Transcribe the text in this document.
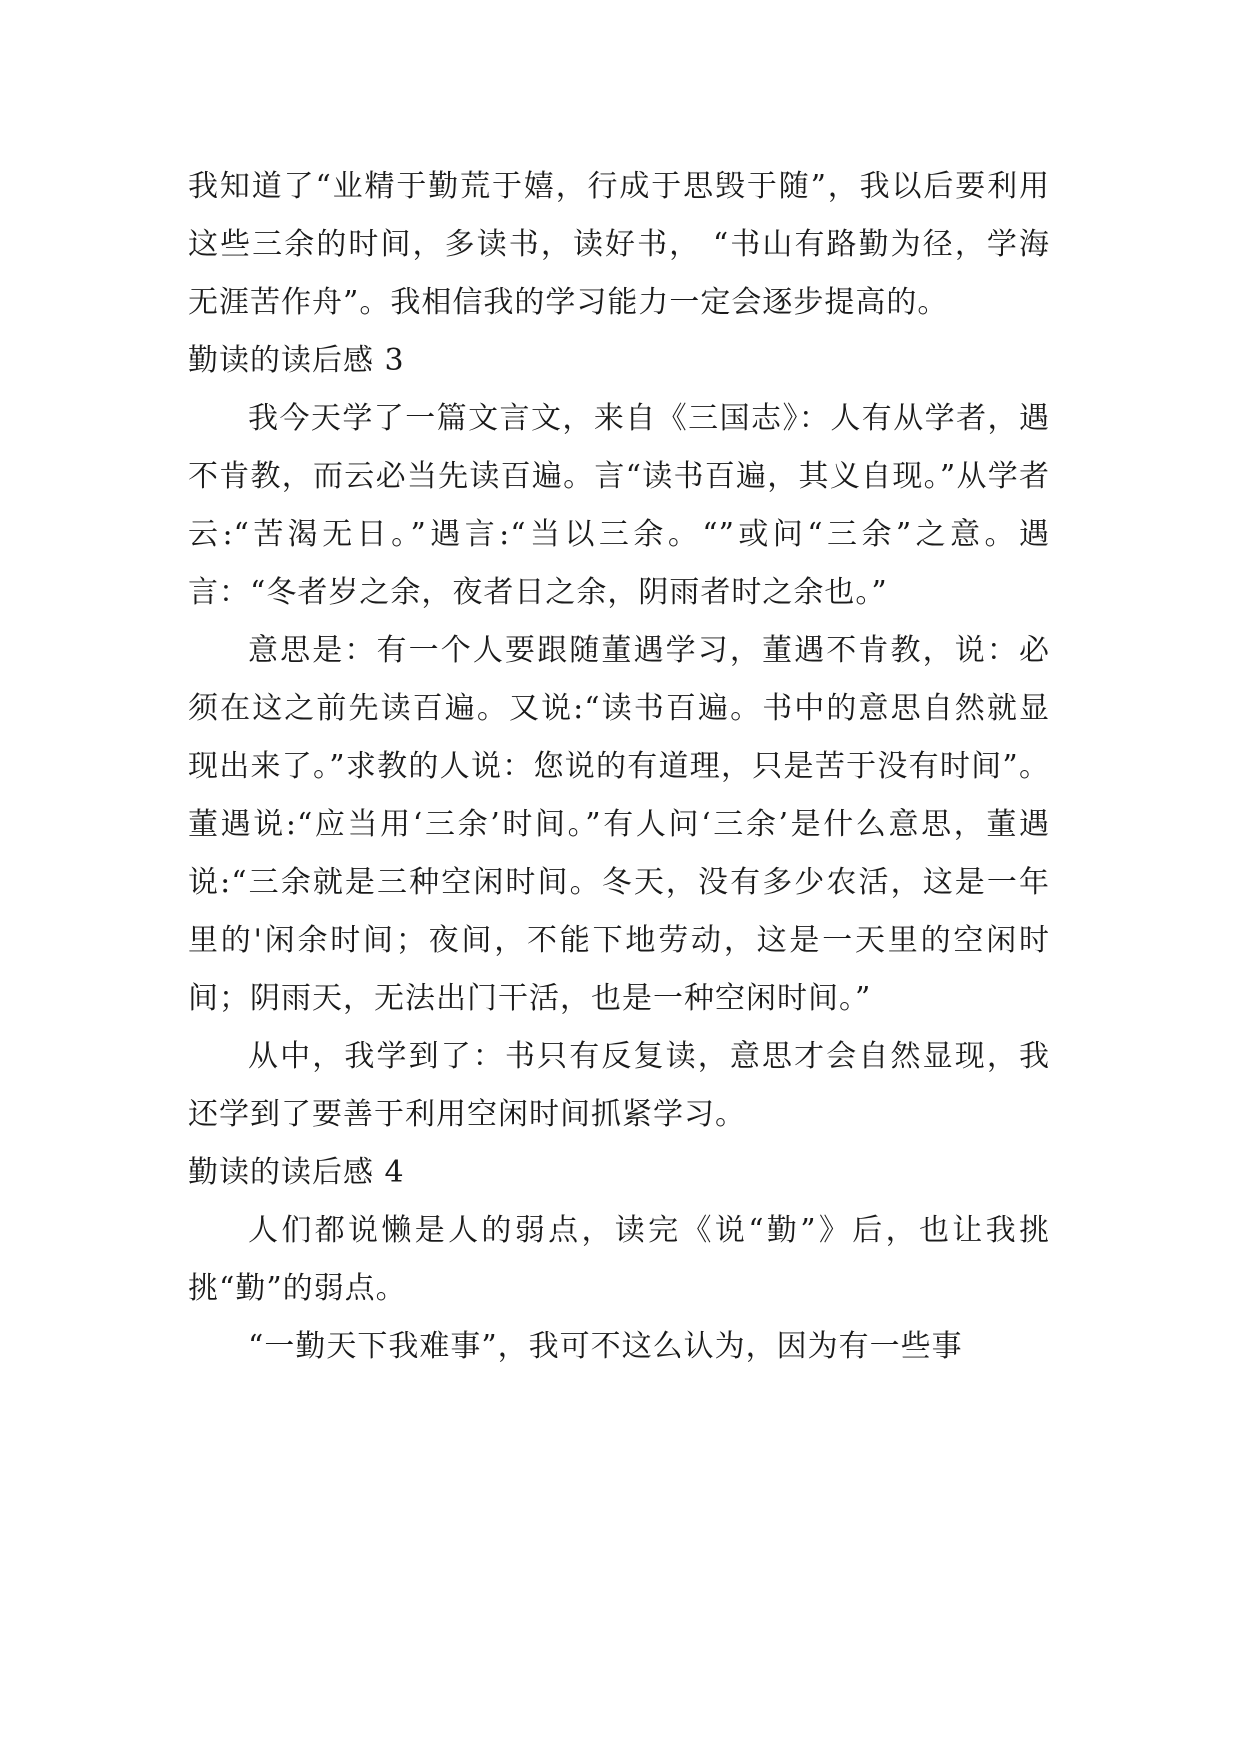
我知道了“业精于勤荒于嬉，行成于思毁于随”，我以后要利用这些三余的时间，多读书，读好书， “书山有路勤为径，学海无涯苦作舟”。我相信我的学习能力一定会逐步提高的。

勤读的读后感 3

我今天学了一篇文言文，来自《三国志》：人有从学者，遇不肯教，而云必当先读百遍。言“读书百遍，其义自现。”从学者云:“苦渴无日。”遇言:“当以三余。“”或问“三余”之意。遇言：“冬者岁之余，夜者日之余，阴雨者时之余也。”

意思是：有一个人要跟随董遇学习，董遇不肯教，说：必须在这之前先读百遍。又说:“读书百遍。书中的意思自然就显现出来了。”求教的人说：您说的有道理，只是苦于没有时间”。董遇说:“应当用‘三余’时间。”有人问‘三余’是什么意思，董遇说:“三余就是三种空闲时间。冬天，没有多少农活，这是一年里的'闲余时间；夜间，不能下地劳动，这是一天里的空闲时间；阴雨天，无法出门干活，也是一种空闲时间。”

从中，我学到了：书只有反复读，意思才会自然显现，我还学到了要善于利用空闲时间抓紧学习。

勤读的读后感 4

人们都说懒是人的弱点，读完《说“勤”》后，也让我挑挑“勤”的弱点。

“一勤天下我难事”，我可不这么认为，因为有一些事
